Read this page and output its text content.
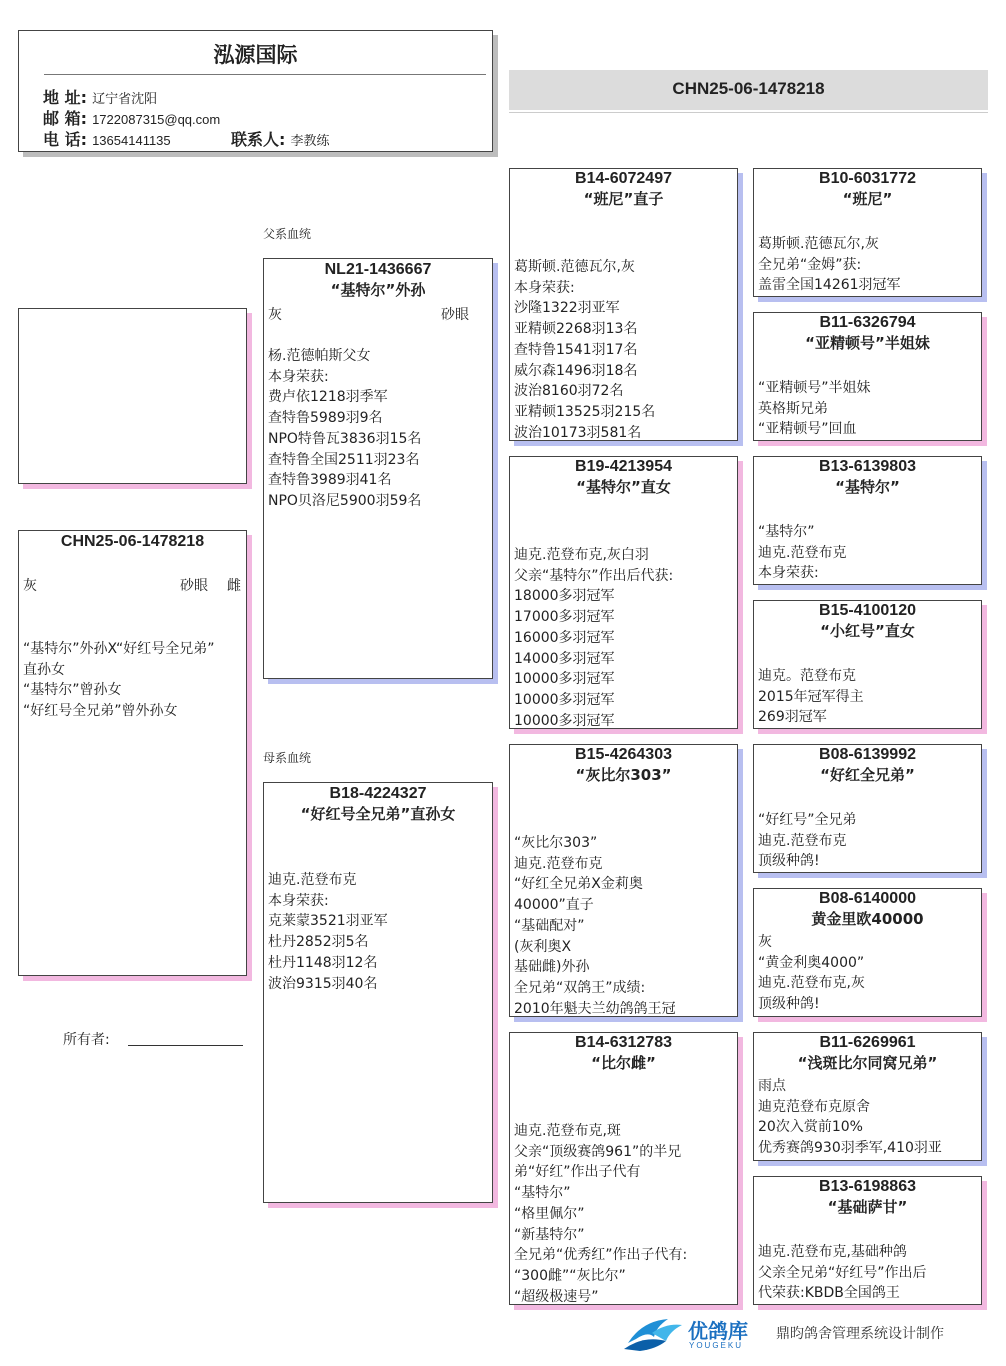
泓源国际
地 址: 辽宁省沈阳
邮 箱: 1722087315@qq.com
电 话: 13654141135	联系人: 李教练
CHN25-06-1478218
CHN25-06-1478218
灰	砂眼 雌
“基特尔”外孙X“好红号全兄弟”
直孙女
“基特尔”曾孙女
“好红号全兄弟”曾外孙女
所有者:
父系血统
母系血统
NL21-1436667
“基特尔”外孙
灰	砂眼
杨.范德帕斯父女
本身荣获:
费卢依1218羽季军
查特鲁5989羽9名
NPO特鲁瓦3836羽15名
查特鲁全国2511羽23名
查特鲁3989羽41名
NPO贝洛尼5900羽59名
B18-4224327
“好红号全兄弟”直孙女
迪克.范登布克
本身荣获:
克莱蒙3521羽亚军
杜丹2852羽5名
杜丹1148羽12名
波治9315羽40名
B14-6072497
“班尼”直子
葛斯顿.范德瓦尔,灰
本身荣获:
沙隆1322羽亚军
亚精顿2268羽13名
查特鲁1541羽17名
威尔森1496羽18名
波治8160羽72名
亚精顿13525羽215名
波治10173羽581名
B19-4213954
“基特尔”直女
迪克.范登布克,灰白羽
父亲“基特尔”作出后代获:
18000多羽冠军
17000多羽冠军
16000多羽冠军
14000多羽冠军
10000多羽冠军
10000多羽冠军
10000多羽冠军
B15-4264303
“灰比尔303”
“灰比尔303”
迪克.范登布克
“好红全兄弟X金莉奥
40000”直子
“基础配对”
(灰利奥X
基础雌)外孙
全兄弟“双鸽王”成绩:
2010年魁夫兰幼鸽鸽王冠
B14-6312783
“比尔雌”
迪克.范登布克,斑
父亲“顶级赛鸽961”的半兄
弟“好红”作出子代有
“基特尔”
“格里佩尔”
“新基特尔”
全兄弟“优秀红”作出子代有:
“300雌”“灰比尔”
“超级极速号”
B10-6031772
“班尼”
葛斯顿.范德瓦尔,灰
全兄弟“金姆”获:
盖雷全国14261羽冠军
B11-6326794
“亚精顿号”半姐妹
“亚精顿号”半姐妹
英格斯兄弟
“亚精顿号”回血
B13-6139803
“基特尔”
“基特尔”
迪克.范登布克
本身荣获:
B15-4100120
“小红号”直女
迪克。范登布克
2015年冠军得主
269羽冠军
B08-6139992
“好红全兄弟”
“好红号”全兄弟
迪克.范登布克
顶级种鸽!
B08-6140000
黄金里欧40000
灰
“黄金利奥4000”
迪克.范登布克,灰
顶级种鸽!
B11-6269961
“浅斑比尔同窝兄弟”
雨点
迪克范登布克原舍
20次入赏前10%
优秀赛鸽930羽季军,410羽亚
B13-6198863
“基础萨甘”
迪克.范登布克,基础种鸽
父亲全兄弟“好红号”作出后
代荣获:KBDB全国鸽王
优鸽库
YOUGEKU
鼎昀鸽舍管理系统设计制作
